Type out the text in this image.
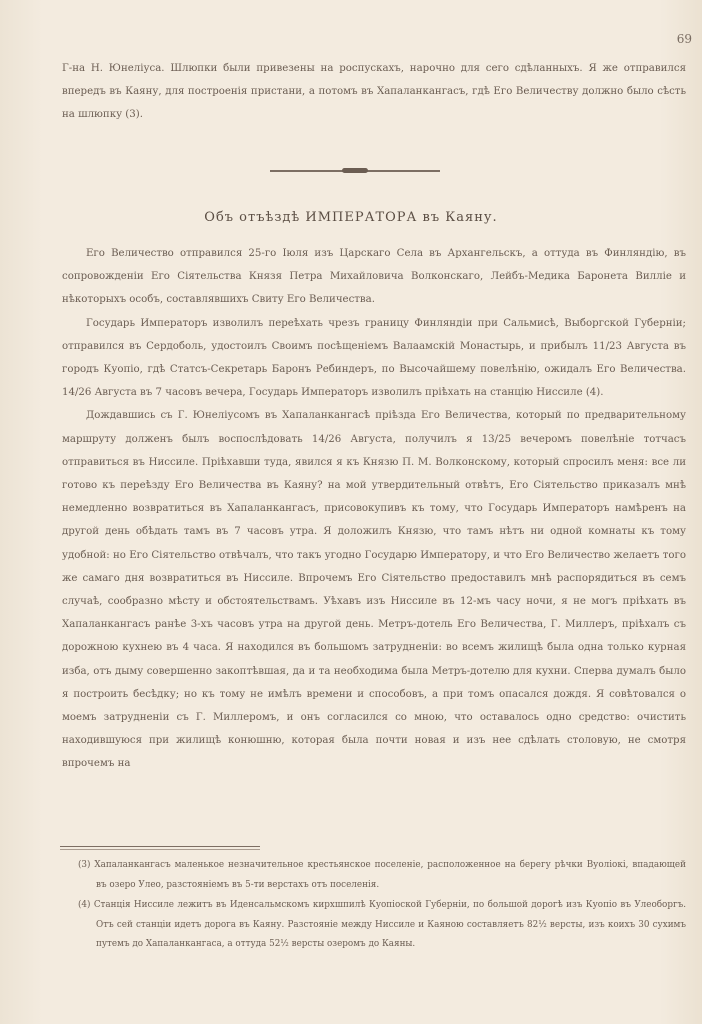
69

Г-на Н. Юнеліуса. Шлюпки были привезены на роспускахъ, нарочно для сего сдѣланныхъ. Я же отправился впередъ въ Каяну, для построенія пристани, а потомъ въ Хапаланкангасъ, гдѣ Его Величеству должно было сѣсть на шлюпку (3).

Объ отъѣздѣ ИМПЕРАТОРА въ Каяну.

Его Величество отправился 25-го Іюля изъ Царскаго Села въ Архангельскъ, а оттуда въ Финляндію, въ сопровожденіи Его Сіятельства Князя Петра Михайловича Волконскаго, Лейбъ-Медика Баронета Виллiе и нѣкоторыхъ особъ, составлявшихъ Свиту Его Величества.

Государь Императоръ изволилъ переѣхать чрезъ границу Финляндіи при Сальмисѣ, Выборгской Губерніи; отправился въ Сердоболь, удостоилъ Своимъ посѣщеніемъ Валаамскій Монастырь, и прибылъ 11/23 Августа въ городъ Куопіо, гдѣ Статсъ-Секретарь Баронъ Ребиндеръ, по Высочайшему повелѣнію, ожидалъ Его Величества. 14/26 Августа въ 7 часовъ вечера, Государь Императоръ изволилъ пріѣхать на станцію Ниссиле (4).

Дождавшись съ Г. Юнеліусомъ въ Хапаланкангасѣ пріѣзда Его Величества, который по предварительному маршруту долженъ былъ воспослѣдовать 14/26 Августа, получилъ я 13/25 вечеромъ повелѣніе тотчасъ отправиться въ Ниссиле. Пріѣхавши туда, явился я къ Князю П. М. Волконскому, который спросилъ меня: все ли готово къ переѣзду Его Величества въ Каяну? на мой утвердительный отвѣтъ, Его Сіятельство приказалъ мнѣ немедленно возвратиться въ Хапаланкангасъ, присовокупивъ къ тому, что Государь Императоръ намѣренъ на другой день обѣдать тамъ въ 7 часовъ утра. Я доложилъ Князю, что тамъ нѣтъ ни одной комнаты къ тому удобной: но Его Сіятельство отвѣчалъ, что такъ угодно Государю Императору, и что Его Величество желаетъ того же самаго дня возвратиться въ Ниссиле. Впрочемъ Его Сіятельство предоставилъ мнѣ распорядиться въ семъ случаѣ, сообразно мѣсту и обстоятельствамъ. Уѣхавъ изъ Ниссиле въ 12-мъ часу ночи, я не могъ пріѣхать въ Хапаланкангасъ ранѣе 3-хъ часовъ утра на другой день. Метръ-дотель Его Величества, Г. Миллеръ, пріѣхалъ съ дорожною кухнею въ 4 часа. Я находился въ большомъ затрудненіи: во всемъ жилищѣ была одна только курная изба, отъ дыму совершенно закоптѣвшая, да и та необходима была Метръ-дотелю для кухни. Сперва думалъ было я построить бесѣдку; но къ тому не имѣлъ времени и способовъ, а при томъ опасался дождя. Я совѣтовался о моемъ затрудненіи съ Г. Миллеромъ, и онъ согласился со мною, что оставалось одно средство: очистить находившуюся при жилищѣ конюшню, которая была почти новая и изъ нее сдѣлать столовую, не смотря впрочемъ на

(3) Хапаланкангасъ маленькое незначительное крестьянское поселеніе, расположенное на берегу рѣчки Вуолiокi, впадающей въ озеро Улео, разстояніемъ въ 5-ти верстахъ отъ поселенія.

(4) Станція Ниссиле лежитъ въ Иденсальмскомъ кирхшпилѣ Куопіоской Губерніи, по большой дорогѣ изъ Куопіо въ Улеоборгъ. Отъ сей станціи идетъ дорога въ Каяну. Разстояніе между Ниссиле и Каяною составляетъ 82½ версты, изъ коихъ 30 сухимъ путемъ до Хапаланкангаса, а оттуда 52½ версты озеромъ до Каяны.
